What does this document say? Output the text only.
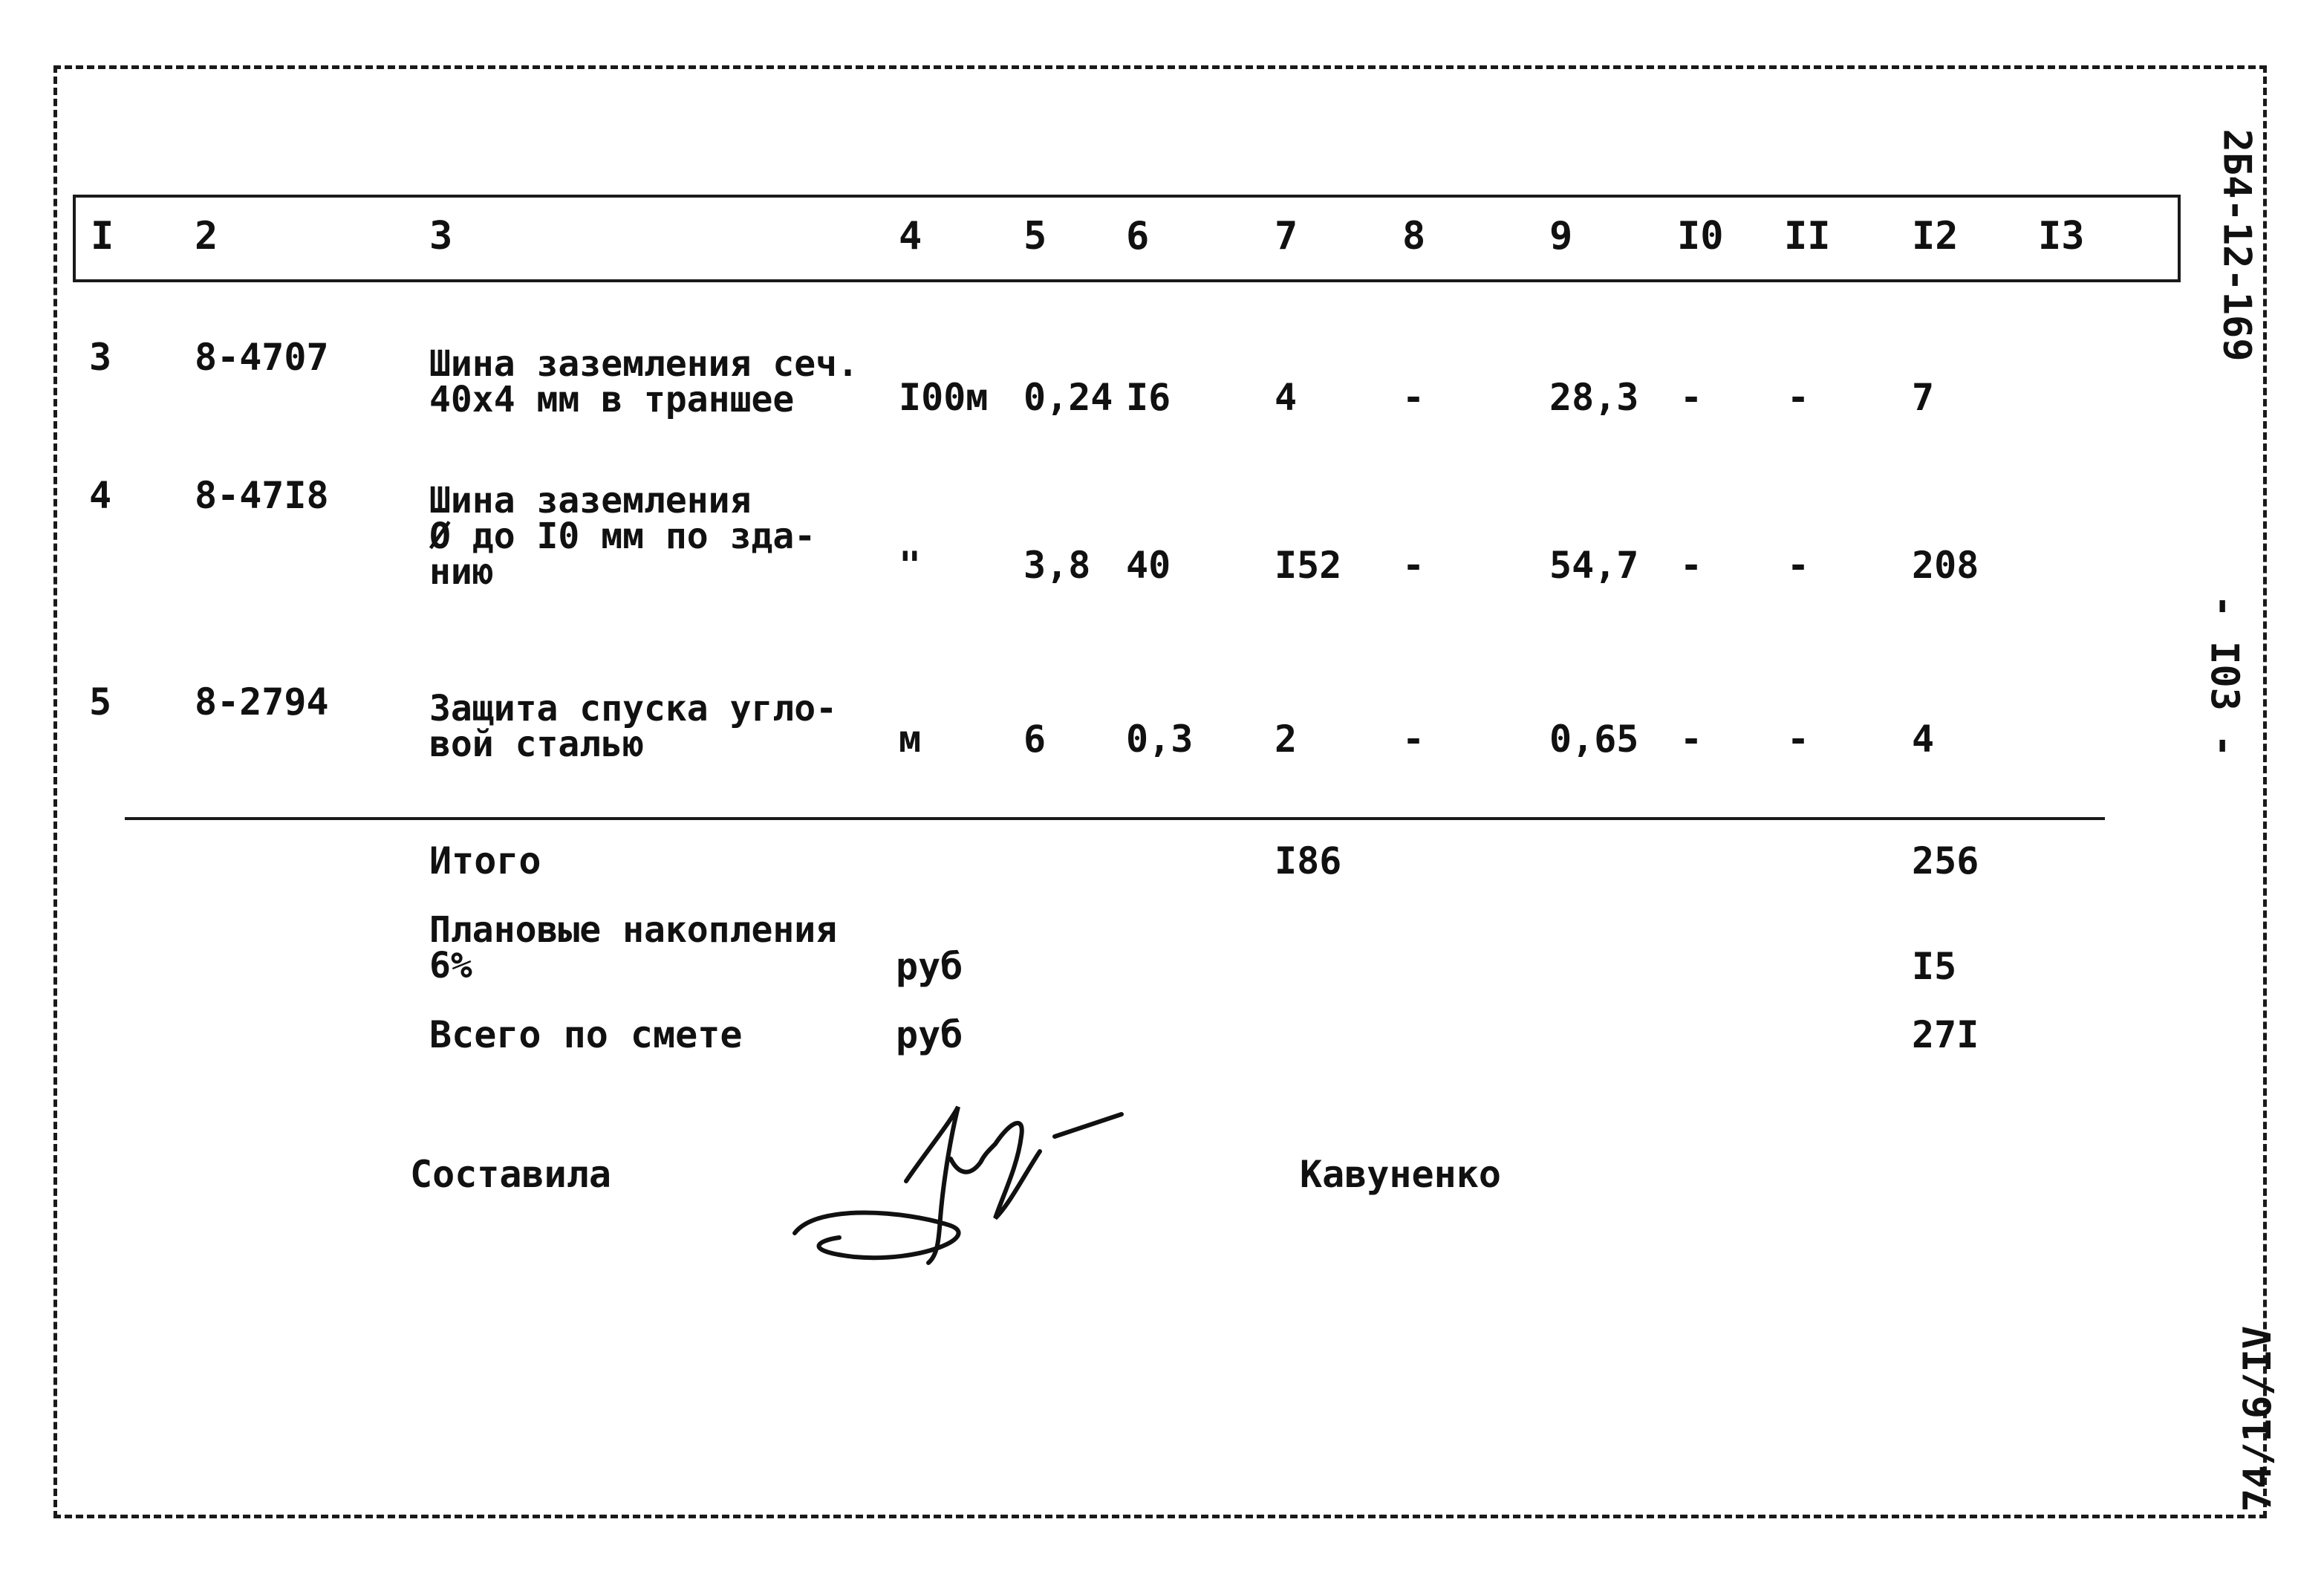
2Б4-12-169
- I03 -
74/16/IV
I 2	3	4	5 6	7	8	9	I0 II I2 I3
3 8-4707	Шина заземления сеч.
40х4 мм в траншее	I00м 0,24 I6	4	-	28,3 - -	7
4 8-47I8	Шина заземления
Ø до I0 мм по зда-
нию	"	3,8 40	I52 -	54,7 - -	208
5 8-2794	Защита спуска угло-
вой сталью	м	6 0,3 2	-	0,65 - -	4
Итого	I86	256
Плановые накопления
6%	руб	I5
Всего по смете	руб	27I
Составила	Кавуненко
